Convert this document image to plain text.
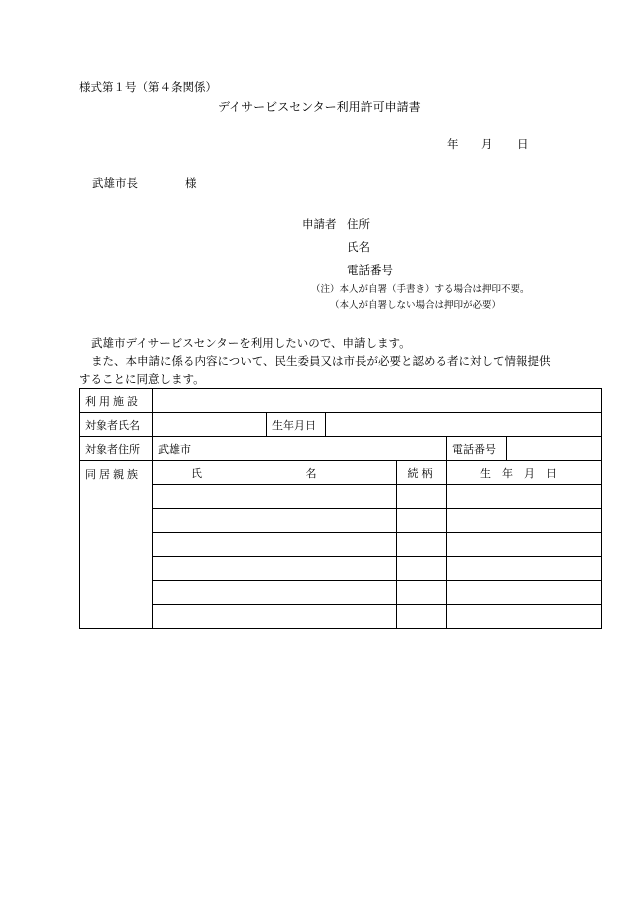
様式第１号（第４条関係）
デイサービスセンター利用許可申請書
年 月 日
武雄市長	様
申請者 住所
氏名
電話番号
（注）本人が自署（手書き）する場合は押印不要。
（本人が自署しない場合は押印が必要）
武雄市デイサービスセンターを利用したいので、申請します。
また、本申請に係る内容について、民生委員又は市長が必要と認める者に対して情報提供することに同意します。
利用施設						
対象者氏名		生年月日				
対象者住所	武雄市				電話番号	
同居親族	氏 名			続柄	生年月日	
